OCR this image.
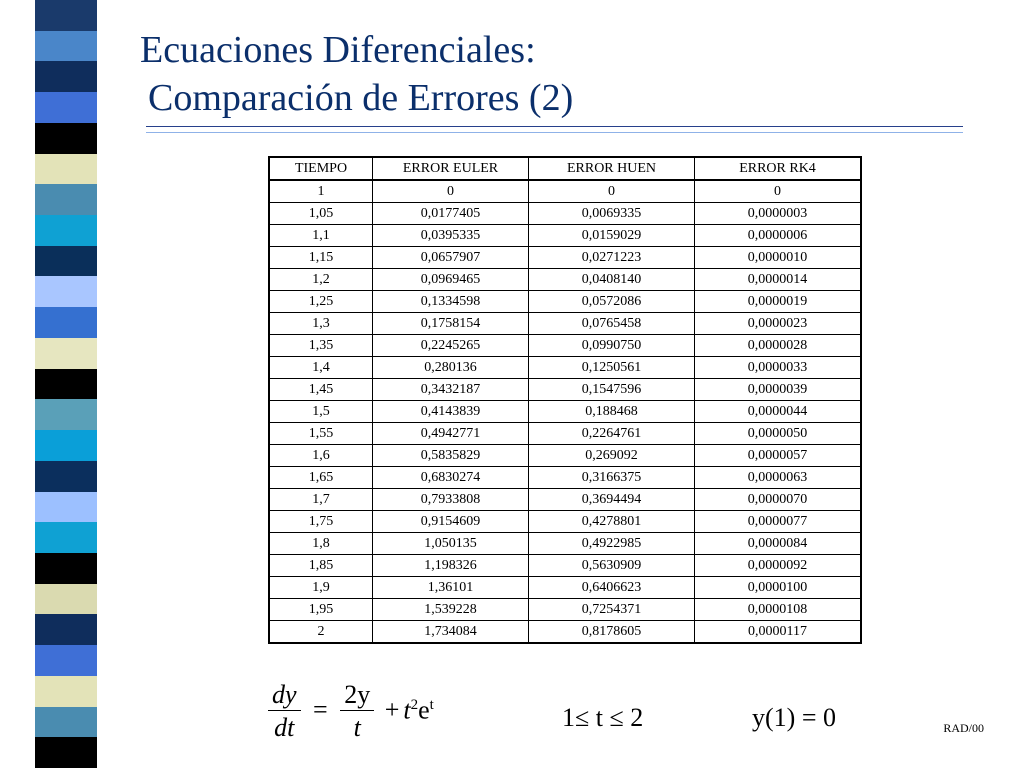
Ecuaciones Diferenciales:
Comparación de Errores (2)
TIEMPO	ERROR EULER	ERROR HUEN	ERROR RK4
1	0	0	0
1,05	0,0177405	0,0069335	0,0000003
1,1	0,0395335	0,0159029	0,0000006
1,15	0,0657907	0,0271223	0,0000010
1,2	0,0969465	0,0408140	0,0000014
1,25	0,1334598	0,0572086	0,0000019
1,3	0,1758154	0,0765458	0,0000023
1,35	0,2245265	0,0990750	0,0000028
1,4	0,280136	0,1250561	0,0000033
1,45	0,3432187	0,1547596	0,0000039
1,5	0,4143839	0,188468	0,0000044
1,55	0,4942771	0,2264761	0,0000050
1,6	0,5835829	0,269092	0,0000057
1,65	0,6830274	0,3166375	0,0000063
1,7	0,7933808	0,3694494	0,0000070
1,75	0,9154609	0,4278801	0,0000077
1,8	1,050135	0,4922985	0,0000084
1,85	1,198326	0,5630909	0,0000092
1,9	1,36101	0,6406623	0,0000100
1,95	1,539228	0,7254371	0,0000108
2	1,734084	0,8178605	0,0000117
$\frac{dy}{dt} = \frac{2y}{t} + t^2e^t$	1≤ t ≤ 2	y(1) = 0	RAD/00
